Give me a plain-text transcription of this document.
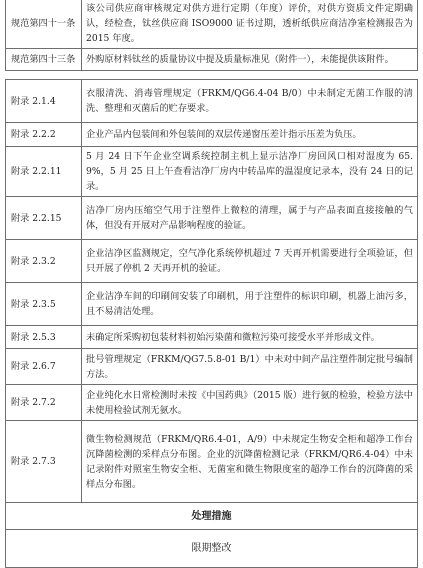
规范第四十一条	该公司供应商审核规定对供方进行定期（年度）评价，对供方资质文件定期确认，经检查，钛丝供应商 ISO9000 证书过期，透析纸供应商洁净室检测报告为 2015 年度。
规范第四十三条	外购原材料钛丝的质量协议中提及质量标准见（附件一），未能提供该附件。
附录 2.1.4	衣服清洗、消毒管理规定（FRKM/QG6.4-04 B/0）中未制定无菌工作服的清洗、整理和灭菌后的贮存要求。
附录 2.2.2	企业产品内包装间和外包装间的双层传递窗压差计指示压差为负压。
附录 2.2.11	5 月 24 日下午企业空调系统控制主机上显示洁净厂房回风口相对湿度为 65.9%，5 月 25 日上午查看洁净厂房内中转品库的温湿度记录本，没有 24 日的记录。
附录 2.2.15	洁净厂房内压缩空气用于注塑件上微粒的清理，属于与产品表面直接接触的气体，但没有开展对产品影响程度的验证。
附录 2.3.2	企业洁净区监测规定，空气净化系统停机超过 7 天再开机需要进行全项验证，但只开展了停机 2 天再开机的验证。
附录 2.3.5	企业洁净车间的印刷间安装了印刷机，用于注塑件的标识印刷，机器上油污多，且不易清洁处理。
附录 2.5.3	未确定所采购初包装材料初始污染菌和微粒污染可接受水平并形成文件。
附录 2.6.7	批号管理规定（FRKM/QG7.5.8-01 B/1）中未对中间产品注塑件制定批号编制方法。
附录 2.7.2	企业纯化水日常检测时未按《中国药典》（2015 版）进行氨的检验，检验方法中未使用检验试剂无氨水。
附录 2.7.3	微生物检测规范（FRKM/QR6.4-01，A/9）中未规定生物安全柜和超净工作台沉降菌检测的采样点分布图。企业的沉降菌检测记录（FRKM/QR6.4-04）中未记录附件对照室生物安全柜、无菌室和微生物限度室的超净工作台的沉降菌的采样点分布图。
处理措施	
限期整改	
